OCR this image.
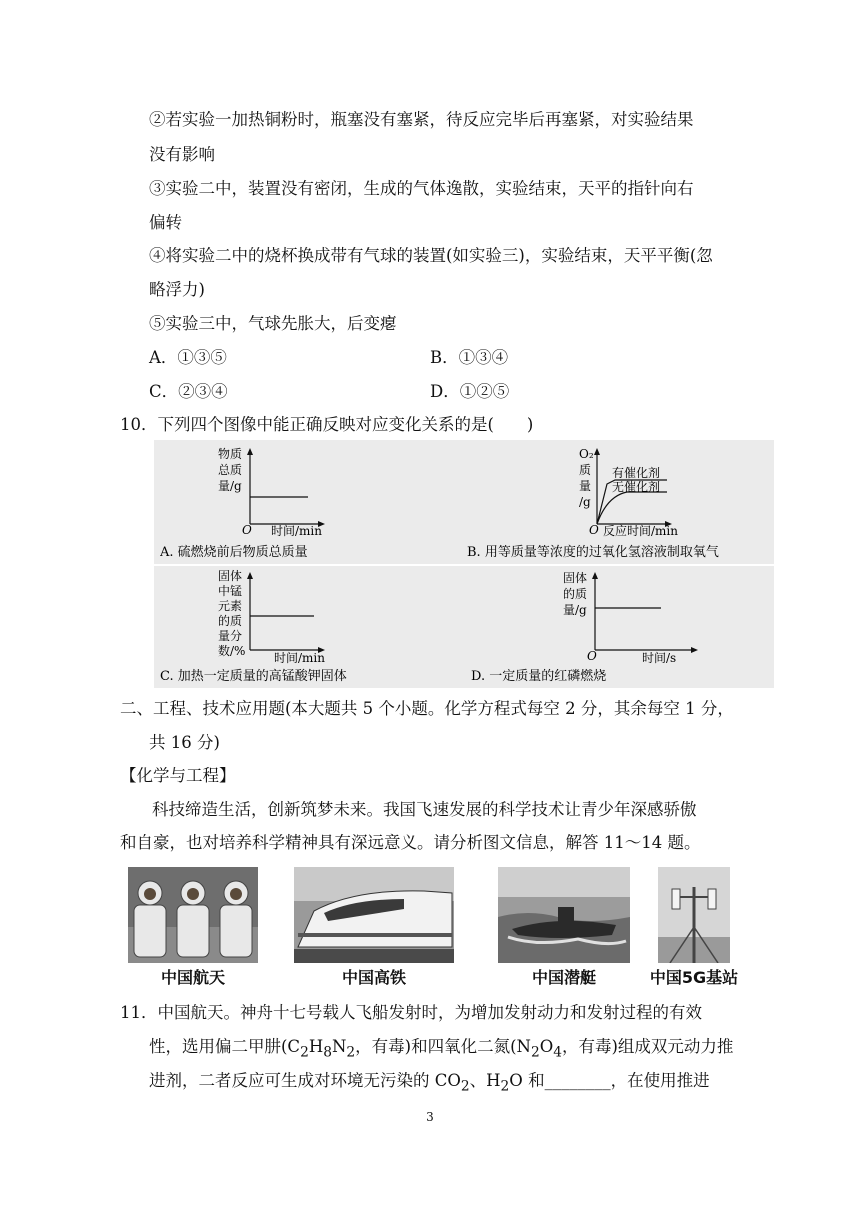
②若实验一加热铜粉时，瓶塞没有塞紧，待反应完毕后再塞紧，对实验结果
没有影响
③实验二中，装置没有密闭，生成的气体逸散，实验结束，天平的指针向右
偏转
④将实验二中的烧杯换成带有气球的装置(如实验三)，实验结束，天平平衡(忽
略浮力)
⑤实验三中，气球先胀大，后变瘪
A．①③⑤	B．①③④
C．②③④	D．①②⑤
10．下列四个图像中能正确反映对应变化关系的是(　　)
物质
总质
量/g
O 时间/min
A. 硫燃烧前后物质总质量
O₂
质
量
/g
有催化剂
无催化剂
O 反应时间/min
B. 用等质量等浓度的过氧化氢溶液制取氧气
固体
中锰
元素
的质
量分
数/% 时间/min
C. 加热一定质量的高锰酸钾固体
固体
的质
量/g
O	时间/s
D. 一定质量的红磷燃烧
二、工程、技术应用题(本大题共 5 个小题。化学方程式每空 2 分，其余每空 1 分，
共 16 分)
【化学与工程】
科技缔造生活，创新筑梦未来。我国飞速发展的科学技术让青少年深感骄傲
和自豪，也对培养科学精神具有深远意义。请分析图文信息，解答 11～14 题。
中国航天	中国高铁	中国潜艇	中国5G基站
11．中国航天。神舟十七号载人飞船发射时，为增加发射动力和发射过程的有效
性，选用偏二甲肼($C_2H_8N_2$，有毒)和四氧化二氮($N_2O_4$，有毒)组成双元动力推
进剂，二者反应可生成对环境无污染的 $CO_2$、$H_2O$ 和________，在使用推进
3
